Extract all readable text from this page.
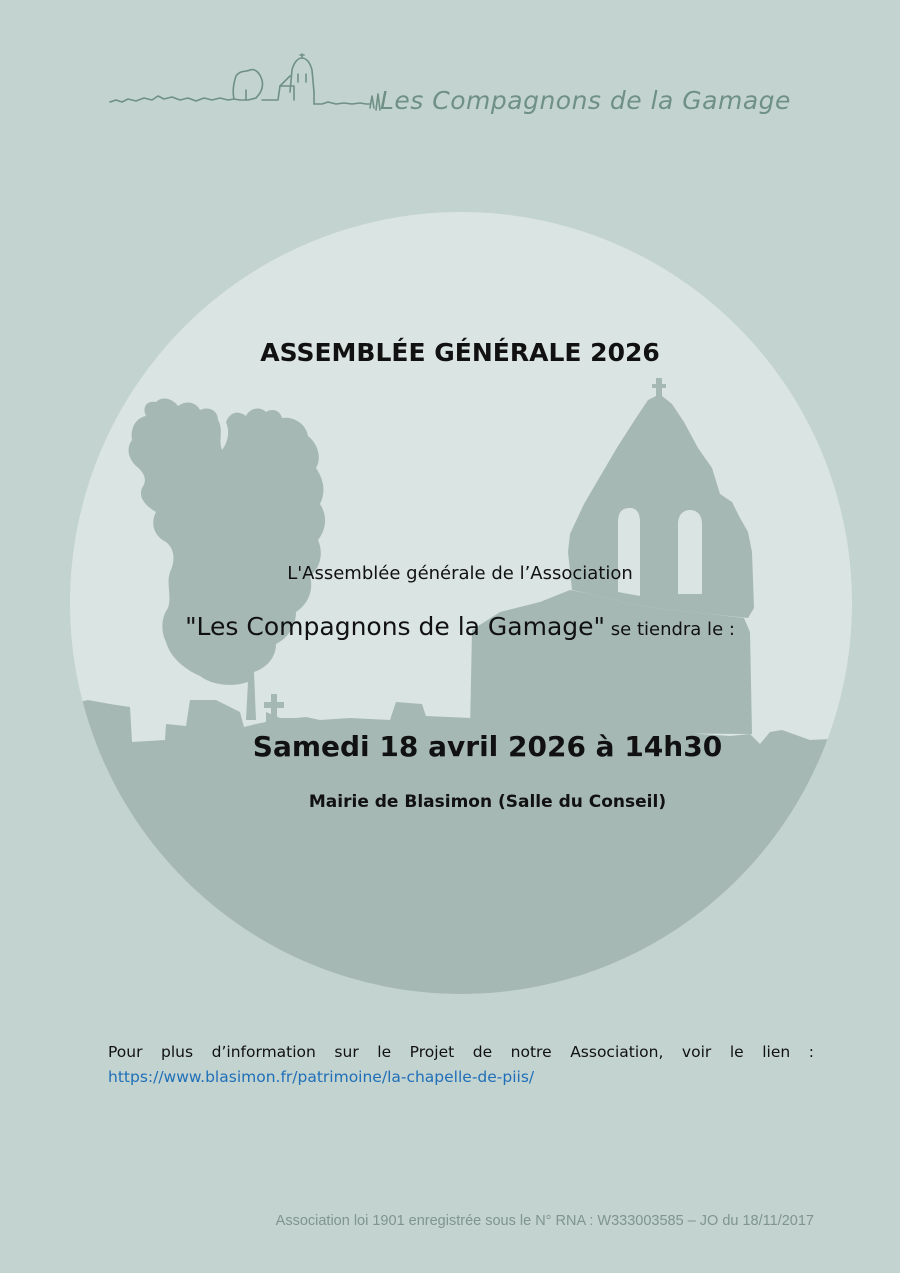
Les Compagnons de la Gamage
ASSEMBLÉE GÉNÉRALE 2026
L'Assemblée générale de l’Association
"Les Compagnons de la Gamage" se tiendra le :
Samedi 18 avril 2026 à 14h30
Mairie de Blasimon (Salle du Conseil)
Pour plus d’information sur le Projet de notre Association, voir le lien :
https://www.blasimon.fr/patrimoine/la-chapelle-de-piis/
Association loi 1901 enregistrée sous le N° RNA : W333003585 – JO du 18/11/2017
